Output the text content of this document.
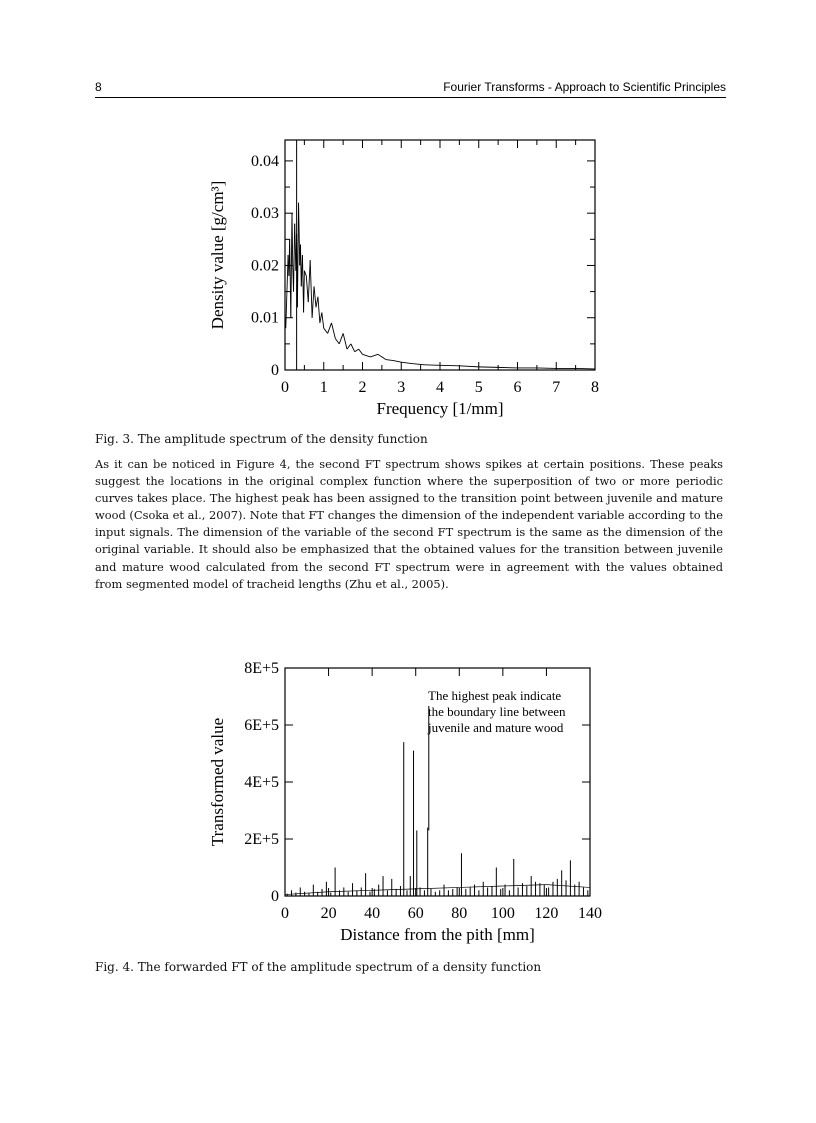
8	Fourier Transforms - Approach to Scientific Principles
0 1 2 3 4 5 6 7 8
0
0.01
0.02
0.03
0.04
Frequency [1/mm]
Density value [g/cm³]
Fig. 3. The amplitude spectrum of the density function

As it can be noticed in Figure 4, the second FT spectrum shows spikes at certain positions. These peaks suggest the locations in the original complex function where the superposition of two or more periodic curves takes place. The highest peak has been assigned to the transition point between juvenile and mature wood (Csoka et al., 2007). Note that FT changes the dimension of the independent variable according to the input signals. The dimension of the variable of the second FT spectrum is the same as the dimension of the original variable. It should also be emphasized that the obtained values for the transition between juvenile and mature wood calculated from the second FT spectrum were in agreement with the values obtained from segmented model of tracheid lengths (Zhu et al., 2005).

0 20 40 60 80 100 120 140
0
2E+5
4E+5
6E+5
8E+5
Distance from the pith [mm]
Transformed value
The highest peak indicate
the boundary line between
juvenile and mature wood
Fig. 4. The forwarded FT of the amplitude spectrum of a density function
